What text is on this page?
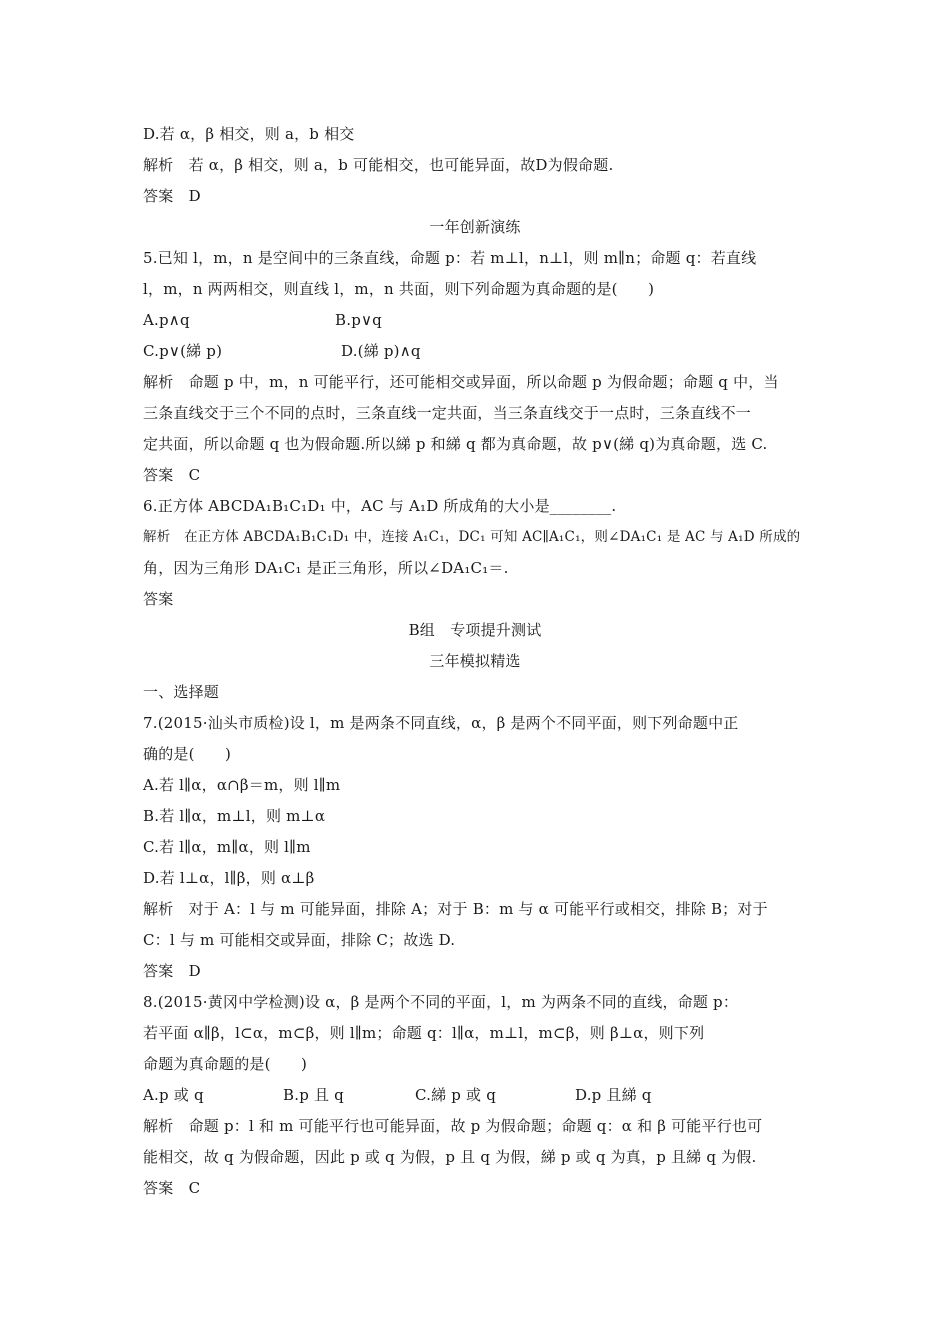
D.若 α，β 相交，则 a，b 相交
解析　若 α，β 相交，则 a，b 可能相交，也可能异面，故D为假命题.
答案　D
一年创新演练
5.已知 l，m，n 是空间中的三条直线，命题 p：若 m⊥l，n⊥l，则 m∥n；命题 q：若直线
l，m，n 两两相交，则直线 l，m，n 共面，则下列命题为真命题的是(　　)
A.p∧q	B.p∨q
C.p∨(綈 p)	D.(綈 p)∧q
解析　命题 p 中，m，n 可能平行，还可能相交或异面，所以命题 p 为假命题；命题 q 中，当
三条直线交于三个不同的点时，三条直线一定共面，当三条直线交于一点时，三条直线不一
定共面，所以命题 q 也为假命题.所以綈 p 和綈 q 都为真命题，故 p∨(綈 q)为真命题，选 C.
答案　C
6.正方体 ABCDA₁B₁C₁D₁ 中，AC 与 A₁D 所成角的大小是________.
解析　在正方体 ABCDA₁B₁C₁D₁ 中，连接 A₁C₁，DC₁ 可知 AC∥A₁C₁，则∠DA₁C₁ 是 AC 与 A₁D 所成的
角，因为三角形 DA₁C₁ 是正三角形，所以∠DA₁C₁＝.
答案
B组　专项提升测试
三年模拟精选
一、选择题
7.(2015·汕头市质检)设 l，m 是两条不同直线，α，β 是两个不同平面，则下列命题中正
确的是(　　)
A.若 l∥α，α∩β＝m，则 l∥m
B.若 l∥α，m⊥l，则 m⊥α
C.若 l∥α，m∥α，则 l∥m
D.若 l⊥α，l∥β，则 α⊥β
解析　对于 A：l 与 m 可能异面，排除 A；对于 B：m 与 α 可能平行或相交，排除 B；对于
C：l 与 m 可能相交或异面，排除 C；故选 D.
答案　D
8.(2015·黄冈中学检测)设 α，β 是两个不同的平面，l，m 为两条不同的直线，命题 p：
若平面 α∥β，l⊂α，m⊂β，则 l∥m；命题 q：l∥α，m⊥l，m⊂β，则 β⊥α，则下列
命题为真命题的是(　　)
A.p 或 q	B.p 且 q	C.綈 p 或 q	D.p 且綈 q
解析　命题 p：l 和 m 可能平行也可能异面，故 p 为假命题；命题 q：α 和 β 可能平行也可
能相交，故 q 为假命题，因此 p 或 q 为假，p 且 q 为假，綈 p 或 q 为真，p 且綈 q 为假.
答案　C
